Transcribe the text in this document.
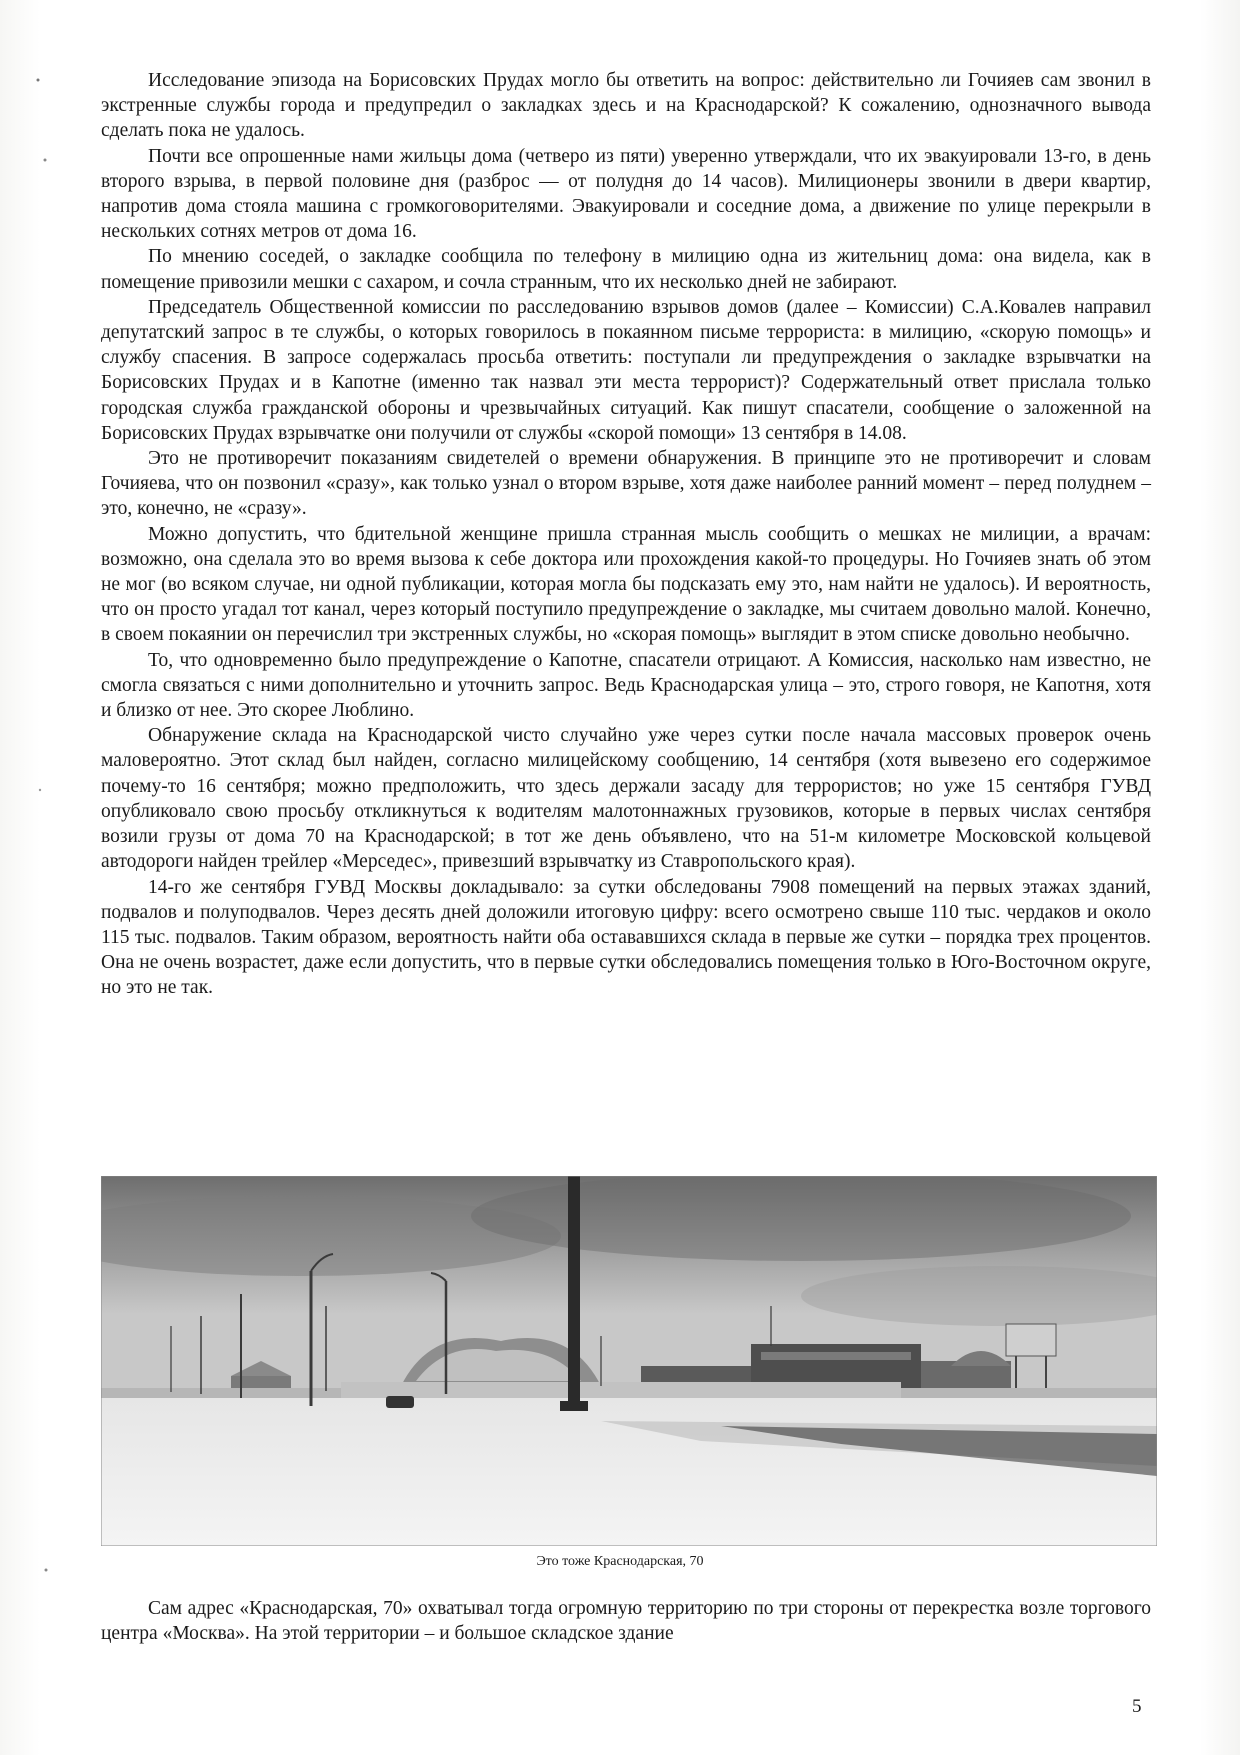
Исследование эпизода на Борисовских Прудах могло бы ответить на вопрос: действительно ли Гочияев сам звонил в экстренные службы города и предупредил о закладках здесь и на Краснодарской? К сожалению, однозначного вывода сделать пока не удалось.

Почти все опрошенные нами жильцы дома (четверо из пяти) уверенно утверждали, что их эвакуировали 13-го, в день второго взрыва, в первой половине дня (разброс — от полудня до 14 часов). Милиционеры звонили в двери квартир, напротив дома стояла машина с громкоговорителями. Эвакуировали и соседние дома, а движение по улице перекрыли в нескольких сотнях метров от дома 16.

По мнению соседей, о закладке сообщила по телефону в милицию одна из жительниц дома: она видела, как в помещение привозили мешки с сахаром, и сочла странным, что их несколько дней не забирают.

Председатель Общественной комиссии по расследованию взрывов домов (далее – Комиссии) С.А.Ковалев направил депутатский запрос в те службы, о которых говорилось в покаянном письме террориста: в милицию, «скорую помощь» и службу спасения. В запросе содержалась просьба ответить: поступали ли предупреждения о закладке взрывчатки на Борисовских Прудах и в Капотне (именно так назвал эти места террорист)? Содержательный ответ прислала только городская служба гражданской обороны и чрезвычайных ситуаций. Как пишут спасатели, сообщение о заложенной на Борисовских Прудах взрывчатке они получили от службы «скорой помощи» 13 сентября в 14.08.

Это не противоречит показаниям свидетелей о времени обнаружения. В принципе это не противоречит и словам Гочияева, что он позвонил «сразу», как только узнал о втором взрыве, хотя даже наиболее ранний момент – перед полуднем – это, конечно, не «сразу».

Можно допустить, что бдительной женщине пришла странная мысль сообщить о мешках не милиции, а врачам: возможно, она сделала это во время вызова к себе доктора или прохождения какой-то процедуры. Но Гочияев знать об этом не мог (во всяком случае, ни одной публикации, которая могла бы подсказать ему это, нам найти не удалось). И вероятность, что он просто угадал тот канал, через который поступило предупреждение о закладке, мы считаем довольно малой. Конечно, в своем покаянии он перечислил три экстренных службы, но «скорая помощь» выглядит в этом списке довольно необычно.

То, что одновременно было предупреждение о Капотне, спасатели отрицают. А Комиссия, насколько нам известно, не смогла связаться с ними дополнительно и уточнить запрос. Ведь Краснодарская улица – это, строго говоря, не Капотня, хотя и близко от нее. Это скорее Люблино.

Обнаружение склада на Краснодарской чисто случайно уже через сутки после начала массовых проверок очень маловероятно. Этот склад был найден, согласно милицейскому сообщению, 14 сентября (хотя вывезено его содержимое почему-то 16 сентября; можно предположить, что здесь держали засаду для террористов; но уже 15 сентября ГУВД опубликовало свою просьбу откликнуться к водителям малотоннажных грузовиков, которые в первых числах сентября возили грузы от дома 70 на Краснодарской; в тот же день объявлено, что на 51-м километре Московской кольцевой автодороги найден трейлер «Мерседес», привезший взрывчатку из Ставропольского края).

14-го же сентября ГУВД Москвы докладывало: за сутки обследованы 7908 помещений на первых этажах зданий, подвалов и полуподвалов. Через десять дней доложили итоговую цифру: всего осмотрено свыше 110 тыс. чердаков и около 115 тыс. подвалов. Таким образом, вероятность найти оба остававшихся склада в первые же сутки – порядка трех процентов. Она не очень возрастет, даже если допустить, что в первые сутки обследовались помещения только в Юго-Восточном округе, но это не так.

Это тоже Краснодарская, 70

Сам адрес «Краснодарская, 70» охватывал тогда огромную территорию по три стороны от перекрестка возле торгового центра «Москва». На этой территории – и большое складское здание

5
